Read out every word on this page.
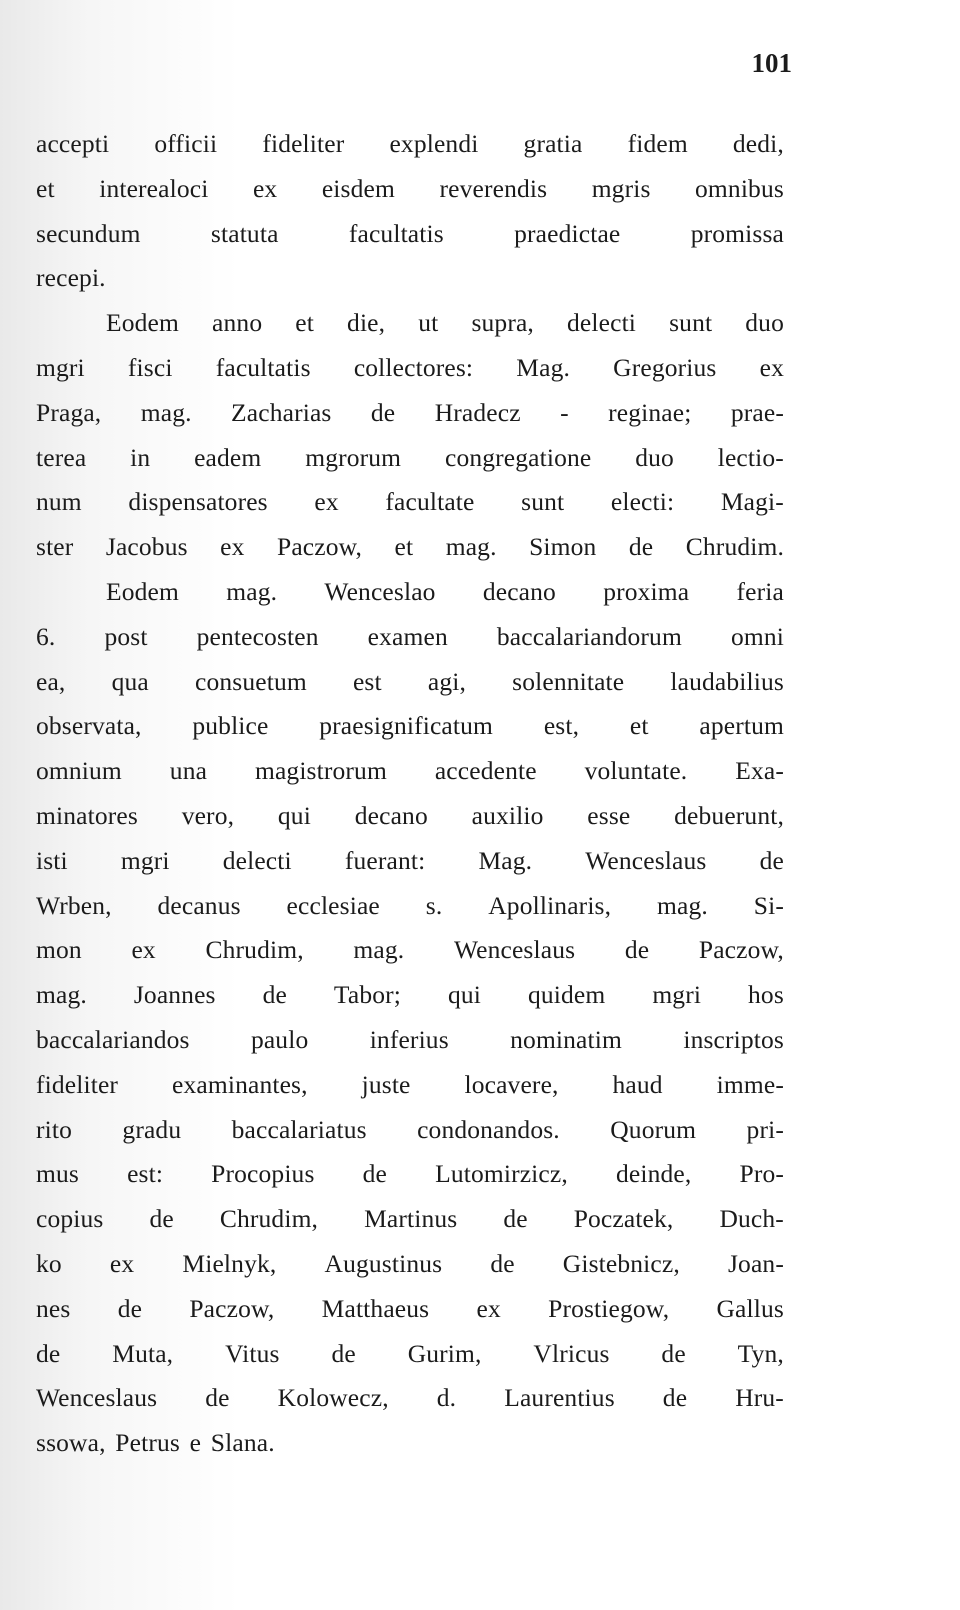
101
accepti officii fideliter explendi gratia fidem dedi,
et interealoci ex eisdem reverendis mgris omnibus
secundum	statuta	facultatis	praedictae	promissa
recepi.
Eodem anno et die, ut supra, delecti sunt duo
mgri fisci facultatis collectores: Mag. Gregorius ex
Praga, mag. Zacharias de Hradecz - reginae; prae-
terea in eadem mgrorum congregatione duo lectio-
num dispensatores ex facultate sunt electi: Magi-
ster Jacobus ex Paczow, et mag. Simon de Chrudim.
Eodem mag. Wenceslao decano proxima feria
6. post pentecosten examen baccalariandorum omni
ea, qua consuetum est agi, solennitate laudabilius
observata, publice praesignificatum est, et apertum
omnium una magistrorum accedente voluntate. Exa-
minatores vero, qui decano auxilio esse debuerunt,
isti mgri delecti fuerant: Mag. Wenceslaus de
Wrben, decanus ecclesiae s. Apollinaris, mag. Si-
mon ex Chrudim, mag. Wenceslaus de Paczow,
mag. Joannes de Tabor; qui quidem mgri hos
baccalariandos paulo inferius nominatim inscriptos
fideliter examinantes, juste locavere, haud imme-
rito gradu baccalariatus condonandos. Quorum pri-
mus est: Procopius de Lutomirzicz, deinde, Pro-
copius de Chrudim, Martinus de Poczatek, Duch-
ko ex Mielnyk, Augustinus de Gistebnicz, Joan-
nes de Paczow, Matthaeus ex Prostiegow, Gallus
de Muta, Vitus de Gurim, Vlricus de Tyn,
Wenceslaus de Kolowecz, d. Laurentius de Hru-
ssowa, Petrus e Slana.
